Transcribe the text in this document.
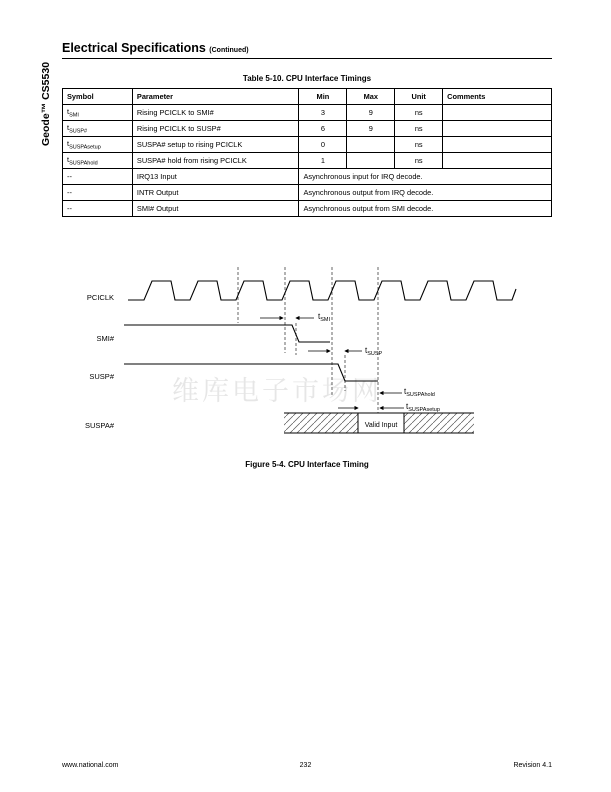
Geode™ CS5530
Electrical Specifications (Continued)
Table 5-10. CPU Interface Timings
Symbol	Parameter	Min	Max	Unit	Comments
$t_{SMI}$	Rising PCICLK to SMI#	3	9	ns	
$t_{SUSP\#}$	Rising PCICLK to SUSP#	6	9	ns	
$t_{SUSPAsetup}$	SUSPA# setup to rising PCICLK	0		ns	
$t_{SUSPAhold}$	SUSPA# hold from rising PCICLK	1		ns	
--	IRQ13 Input	Asynchronous input for IRQ decode.			
--	INTR Output	Asynchronous output from IRQ decode.			
--	SMI# Output	Asynchronous output from SMI decode.			
维库电子市场网
PCICLK
SMI#
SUSP#
SUSPA#	Valid Input
$t_{SMI}$
$t_{SUSP}$
$t_{SUSPAhold}$
$t_{SUSPAsetup}$
Figure 5-4. CPU Interface Timing
www.national.com	232	Revision 4.1
